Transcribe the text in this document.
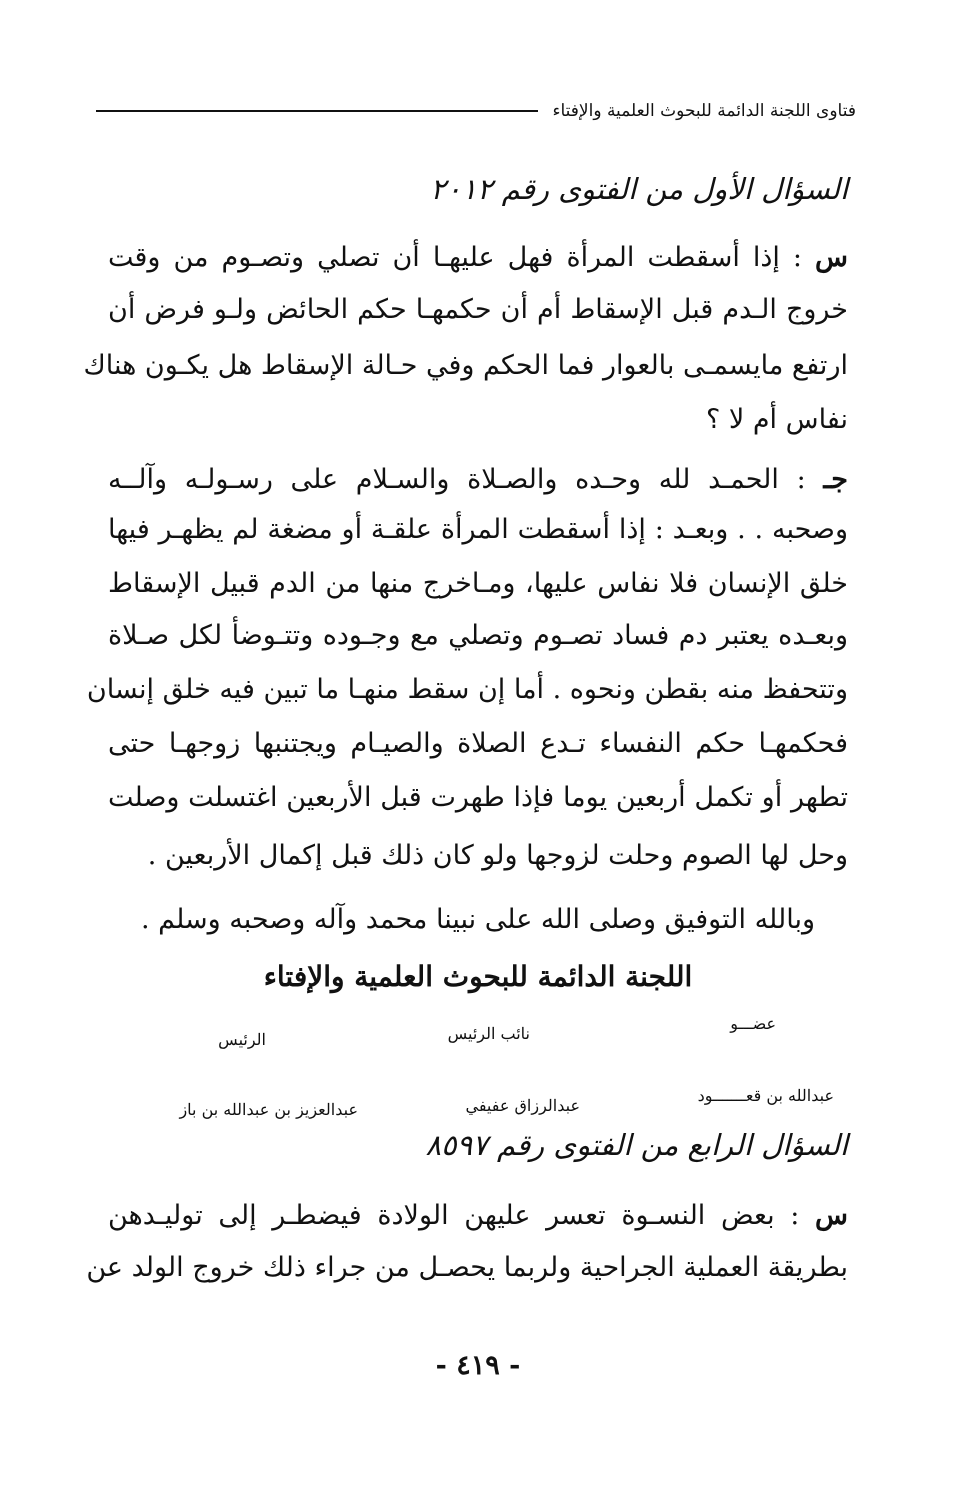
فتاوى اللجنة الدائمة للبحوث العلمية والإفتاء
السؤال الأول من الفتوى رقم ٢٠١٢
س : إذا أسقطت المرأة فهل عليهـا أن تصلي وتصـوم من وقت
خروج الـدم قبل الإسقاط أم أن حكمهـا حكم الحائض ولـو فرض أن
ارتفع مايسمـى بالعوار فما الحكم وفي حـالة الإسقاط هل يكـون هناك
نفاس أم لا ؟
جـ : الحمـد لله وحـده والصـلاة والسـلام على رسـولـه وآلــه
وصحبه . . وبعـد : إذا أسقطت المرأة علقـة أو مضغة لم يظهـر فيها
خلق الإنسان فلا نفاس عليها، ومـاخرج منها من الدم قبيل الإسقاط
وبعـده يعتبر دم فساد تصـوم وتصلي مع وجـوده وتتـوضأ لكل صـلاة
وتتحفظ منه بقطن ونحوه . أما إن سقط منهـا ما تبين فيه خلق إنسان
فحكمهـا حكم النفساء تـدع الصلاة والصيـام ويجتنبها زوجهـا حتى
تطهر أو تكمل أربعين يوما فإذا طهرت قبل الأربعين اغتسلت وصلت
وحل لها الصوم وحلت لزوجها ولو كان ذلك قبل إكمال الأربعين .
وبالله التوفيق وصلى الله على نبينا محمد وآله وصحبه وسلم .
اللجنة الدائمة للبحوث العلمية والإفتاء
عضـــو
نائب الرئيس
الرئيس
عبدالله بن قعـــــــود
عبدالرزاق عفيفي
عبدالعزيز بن عبدالله بن باز
السؤال الرابع من الفتوى رقم ٨٥٩٧
س : بعض النسـوة تعسر عليهن الولادة فيضطـر إلى توليـدهن
بطريقة العملية الجراحية ولربما يحصـل من جراء ذلك خروج الولد عن
- ٤١٩ -
